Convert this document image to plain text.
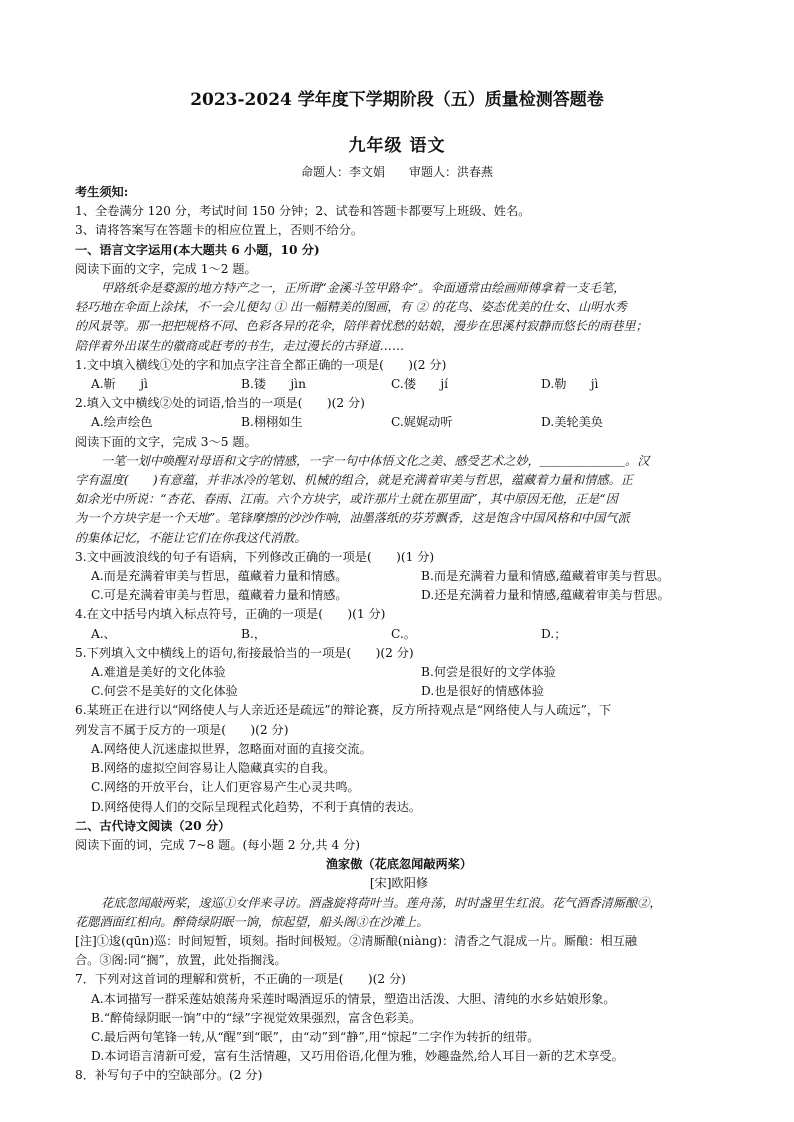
2023-2024 学年度下学期阶段（五）质量检测答题卷
九年级 语文
命题人：李文娟　　审题人：洪春燕

考生须知:

1、全卷满分 120 分，考试时间 150 分钟；2、试卷和答题卡都要写上班级、姓名。

3、请将答案写在答题卡的相应位置上，否则不给分。

一、语言文字运用(本大题共 6 小题，10 分)

阅读下面的文字，完成 1～2 题。

甲路纸伞是婺源的地方特产之一，正所谓“金溪斗笠甲路伞”。伞面通常由绘画师傅拿着一支毛笔，

轻巧地在伞面上涂抹，不一会儿便勾 ① 出一幅精美的图画，有 ② 的花鸟、姿态优美的仕女、山明水秀

的风景等。那一把把规格不同、色彩各异的花伞，陪伴着忧愁的姑娘，漫步在思溪村寂静而悠长的雨巷里；

陪伴着外出谋生的徽商或赶考的书生，走过漫长的古驿道……

1.文中填入横线①处的字和加点字注音全都正确的一项是(　　)(2 分)

A.靳　　jì	B.镂　　jìn	C.偻　　jí	D.勒　　jì

2.填入文中横线②处的词语,恰当的一项是(　　)(2 分)

A.绘声绘色	B.栩栩如生	C.娓娓动听	D.美轮美奂

阅读下面的文字，完成 3～5 题。

一笔一划中唤醒对母语和文字的情感，一字一句中体悟文化之美、感受艺术之妙，＿＿＿＿＿＿＿。汉

字有温度(　　)有意蕴，并非冰冷的笔划、机械的组合，就是充满着审美与哲思，蕴藏着力量和情感。正

如余光中所说：“杏花、春雨、江南。六个方块字，或许那片土就在那里面”，其中原因无他，正是“因

为一个方块字是一个天地”。笔锋摩擦的沙沙作响，油墨落纸的芬芳飘香，这是饱含中国风格和中国气派

的集体记忆，不能让它们在你我这代消散。

3.文中画波浪线的句子有语病，下列修改正确的一项是(　　)(1 分)

A.而是充满着审美与哲思，蕴藏着力量和情感。	B.而是充满着力量和情感,蕴藏着审美与哲思。

C.可是充满着审美与哲思，蕴藏着力量和情感。	D.还是充满着力量和情感,蕴藏着审美与哲思。

4.在文中括号内填入标点符号，正确的一项是(　　)(1 分)

A.、	B.，	C.。	D.；

5.下列填入文中横线上的语句,衔接最恰当的一项是(　　)(2 分)

A.难道是美好的文化体验	B.何尝是很好的文学体验

C.何尝不是美好的文化体验	D.也是很好的情感体验

6.某班正在进行以“网络使人与人亲近还是疏远”的辩论赛，反方所持观点是“网络使人与人疏远”，下

列发言不属于反方的一项是(　　)(2 分)

A.网络使人沉迷虚拟世界，忽略面对面的直接交流。

B.网络的虚拟空间容易让人隐藏真实的自我。

C.网络的开放平台，让人们更容易产生心灵共鸣。

D.网络使得人们的交际呈现程式化趋势，不利于真情的表达。

二、古代诗文阅读（20 分）

阅读下面的词，完成 7~8 题。(每小题 2 分,共 4 分)

渔家傲（花底忽闻敲两桨）

[宋]欧阳修

花底忽闻敲两桨，逡巡①女伴来寻访。酒盏旋将荷叶当。莲舟荡，时时盏里生红浪。花气酒香清厮酿②，

花腮酒面红相向。醉倚绿阴眠一饷，惊起望，船头阁③在沙滩上。

[注]①逡(qūn)巡：时间短暂，顷刻。指时间极短。②清厮酿(niàng)：清香之气混成一片。厮酿：相互融

合。③阁:同“搁”，放置，此处指搁浅。

7．下列对这首词的理解和赏析，不正确的一项是(　　)(2 分)

A.本词描写一群采莲姑娘荡舟采莲时喝酒逗乐的情景，塑造出活泼、大胆、清纯的水乡姑娘形象。

B.“醉倚绿阴眠一饷”中的“绿”字视觉效果强烈，富含色彩美。

C.最后两句笔锋一转,从“醒”到“眠”，由“动”到“静”,用“惊起”二字作为转折的纽带。

D.本词语言清新可爱，富有生活情趣，又巧用俗语,化俚为雅，妙趣盎然,给人耳目一新的艺术享受。

8．补写句子中的空缺部分。(2 分)
